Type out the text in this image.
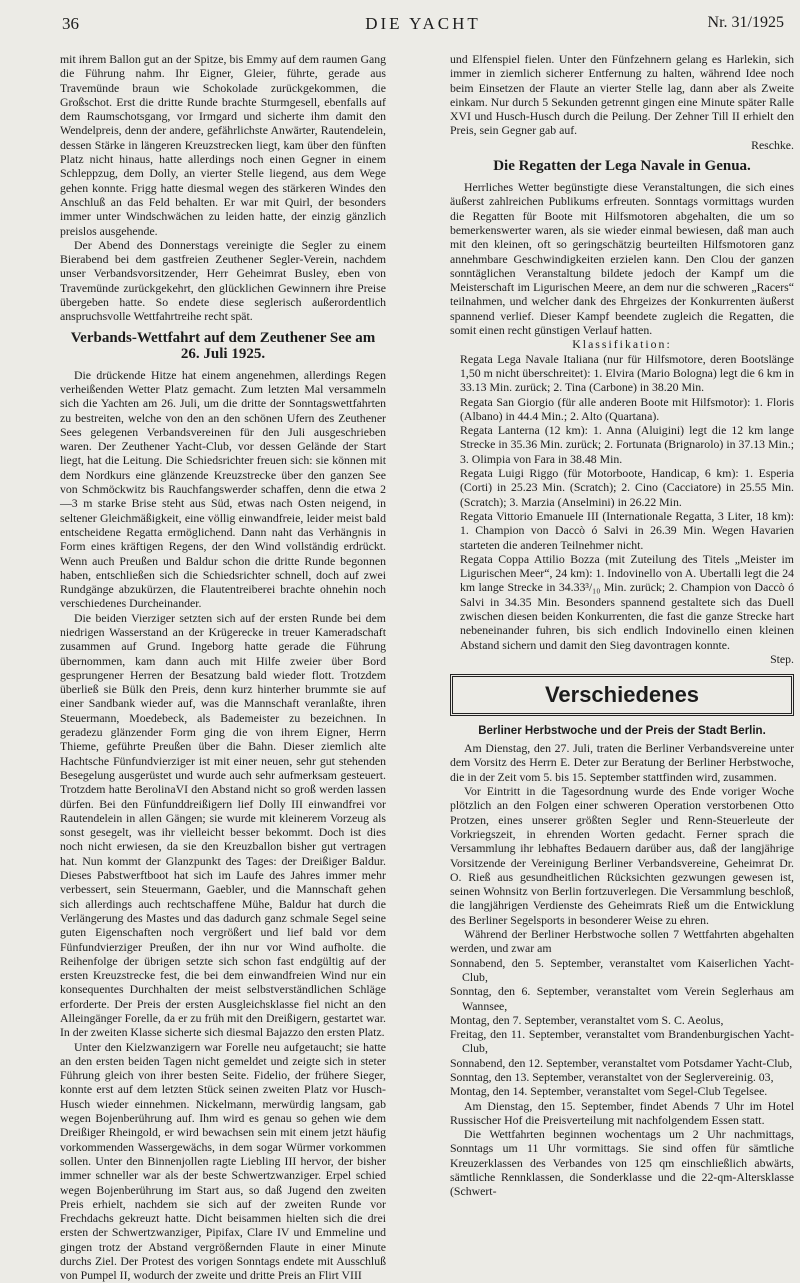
DIE YACHT
36	Nr. 31/1925

mit ihrem Ballon gut an der Spitze, bis Emmy auf dem raumen Gang die Führung nahm. Ihr Eigner, Gleier, führte, gerade aus Travemünde braun wie Schokolade zurückgekommen, die Großschot. Erst die dritte Runde brachte Sturmgesell, ebenfalls auf dem Raumschotsgang, vor Irmgard und sicherte ihm damit den Wendelpreis, denn der andere, gefährlichste Anwärter, Rautendelein, dessen Stärke in längeren Kreuzstrecken liegt, kam über den fünften Platz nicht hinaus, hatte allerdings noch einen Gegner in einem Schleppzug, dem Dolly, an vierter Stelle liegend, aus dem Wege gehen konnte. Frigg hatte diesmal wegen des stärkeren Windes den Anschluß an das Feld behalten. Er war mit Quirl, der besonders immer unter Windschwächen zu leiden hatte, der einzig gänzlich preislos ausgehende.

Der Abend des Donnerstags vereinigte die Segler zu einem Bierabend bei dem gastfreien Zeuthener Segler-Verein, nachdem unser Verbandsvorsitzender, Herr Geheimrat Busley, eben von Travemünde zurückgekehrt, den glücklichen Gewinnern ihre Preise übergeben hatte. So endete diese seglerisch außerordentlich anspruchsvolle Wettfahrtreihe recht spät.

Verbands-Wettfahrt auf dem Zeuthener See am 26. Juli 1925.

Die drückende Hitze hat einem angenehmen, allerdings Regen verheißenden Wetter Platz gemacht. Zum letzten Mal versammeln sich die Yachten am 26. Juli, um die dritte der Sonntagswettfahrten zu bestreiten, welche von den an den schönen Ufern des Zeuthener Sees gelegenen Verbandsvereinen für den Juli ausgeschrieben waren. Der Zeuthener Yacht-Club, vor dessen Gelände der Start liegt, hat die Leitung. Die Schiedsrichter freuen sich: sie können mit dem Nordkurs eine glänzende Kreuzstrecke über den ganzen See von Schmöckwitz bis Rauchfangswerder schaffen, denn die etwa 2—3 m starke Brise steht aus Süd, etwas nach Osten neigend, in seltener Gleichmäßigkeit, eine völlig einwandfreie, leider meist bald entscheidene Regatta ermöglichend. Dann naht das Verhängnis in Form eines kräftigen Regens, der den Wind vollständig erdrückt. Wenn auch Preußen und Baldur schon die dritte Runde begonnen haben, entschließen sich die Schiedsrichter schnell, doch auf zwei Rundgänge abzukürzen, die Flautentreiberei brachte ohnehin noch verschiedenes Durcheinander.

Die beiden Vierziger setzten sich auf der ersten Runde bei dem niedrigen Wasserstand an der Krügerecke in treuer Kameradschaft zusammen auf Grund. Ingeborg hatte gerade die Führung übernommen, kam dann auch mit Hilfe zweier über Bord gesprungener Herren der Besatzung bald wieder flott. Trotzdem überließ sie Bülk den Preis, denn kurz hinterher brummte sie auf einer Sandbank wieder auf, was die Mannschaft veranlaßte, ihren Steuermann, Moedebeck, als Bademeister zu bezeichnen. In geradezu glänzender Form ging die von ihrem Eigner, Herrn Thieme, geführte Preußen über die Bahn. Dieser ziemlich alte Hachtsche Fünfundvierziger ist mit einer neuen, sehr gut stehenden Besegelung ausgerüstet und wurde auch sehr aufmerksam gesteuert. Trotzdem hatte BerolinaVI den Abstand nicht so groß werden lassen dürfen. Bei den Fünfunddreißigern lief Dolly III einwandfrei vor Rautendelein in allen Gängen; sie wurde mit kleinerem Vorzeug als sonst gesegelt, was ihr vielleicht besser bekommt. Doch ist dies noch nicht erwiesen, da sie den Kreuzballon bisher gut vertragen hat. Nun kommt der Glanzpunkt des Tages: der Dreißiger Baldur. Dieses Pabstwerftboot hat sich im Laufe des Jahres immer mehr verbessert, sein Steuermann, Gaebler, und die Mannschaft gehen sich allerdings auch rechtschaffene Mühe, Baldur hat durch die Verlängerung des Mastes und das dadurch ganz schmale Segel seine guten Eigenschaften noch vergrößert und lief bald vor dem Fünfundvierziger Preußen, der ihn nur vor Wind aufholte. die Reihenfolge der übrigen setzte sich schon fast endgültig auf der ersten Kreuzstrecke fest, die bei dem einwandfreien Wind nur ein konsequentes Durchhalten der meist selbstverständlichen Schläge erforderte. Der Preis der ersten Ausgleichsklasse fiel nicht an den Alleingänger Forelle, da er zu früh mit den Dreißigern, gestartet war. In der zweiten Klasse sicherte sich diesmal Bajazzo den ersten Platz.

Unter den Kielzwanzigern war Forelle neu aufgetaucht; sie hatte an den ersten beiden Tagen nicht gemeldet und zeigte sich in steter Führung gleich von ihrer besten Seite. Fidelio, der frühere Sieger, konnte erst auf dem letzten Stück seinen zweiten Platz vor Husch-Husch wieder einnehmen. Nickelmann, merwürdig langsam, gab wegen Bojenberührung auf. Ihm wird es genau so gehen wie dem Dreißiger Rheingold, er wird bewachsen sein mit einem jetzt häufig vorkommenden Wassergewächs, in dem sogar Würmer vorkommen sollen. Unter den Binnenjollen ragte Liebling III hervor, der bisher immer schneller war als der beste Schwertzwanziger. Erpel schied wegen Bojenberührung im Start aus, so daß Jugend den zweiten Preis erhielt, nachdem sie sich auf der zweiten Runde vor Frechdachs gekreuzt hatte. Dicht beisammen hielten sich die drei ersten der Schwertzwanziger, Pipifax, Clare IV und Emmeline und gingen trotz der Abstand vergrößernden Flaute in einer Minute durchs Ziel. Der Protest des vorigen Sonntags endete mit Ausschluß von Pumpel II, wodurch der zweite und dritte Preis an Flirt VIII

und Elfenspiel fielen. Unter den Fünfzehnern gelang es Harlekin, sich immer in ziemlich sicherer Entfernung zu halten, während Idee noch beim Einsetzen der Flaute an vierter Stelle lag, dann aber als Zweite einkam. Nur durch 5 Sekunden getrennt gingen eine Minute später Ralle XVI und Husch-Husch durch die Peilung. Der Zehner Till II erhielt den Preis, sein Gegner gab auf.

Reschke.

Die Regatten der Lega Navale in Genua.

Herrliches Wetter begünstigte diese Veranstaltungen, die sich eines äußerst zahlreichen Publikums erfreuten. Sonntags vormittags wurden die Regatten für Boote mit Hilfsmotoren abgehalten, die um so bemerkenswerter waren, als sie wieder einmal bewiesen, daß man auch mit den kleinen, oft so geringschätzig beurteilten Hilfsmotoren ganz annehmbare Geschwindigkeiten erzielen kann. Den Clou der ganzen sonntäglichen Veranstaltung bildete jedoch der Kampf um die Meisterschaft im Ligurischen Meere, an dem nur die schweren „Racers“ teilnahmen, und welcher dank des Ehrgeizes der Konkurrenten äußerst spannend verlief. Dieser Kampf beendete zugleich die Regatten, die somit einen recht günstigen Verlauf hatten.

Klassifikation:

Regata Lega Navale Italiana (nur für Hilfsmotore, deren Bootslänge 1,50 m nicht überschreitet): 1. Elvira (Mario Bologna) legt die 6 km in 33.13 Min. zurück; 2. Tina (Carbone) in 38.20 Min.

Regata San Giorgio (für alle anderen Boote mit Hilfsmotor): 1. Floris (Albano) in 44.4 Min.; 2. Alto (Quartana).

Regata Lanterna (12 km): 1. Anna (Aluigini) legt die 12 km lange Strecke in 35.36 Min. zurück; 2. Fortunata (Brignarolo) in 37.13 Min.; 3. Olimpia von Fara in 38.48 Min.

Regata Luigi Riggo (für Motorboote, Handicap, 6 km): 1. Esperia (Corti) in 25.23 Min. (Scratch); 2. Cino (Cacciatore) in 25.55 Min. (Scratch); 3. Marzia (Anselmini) in 26.22 Min.

Regata Vittorio Emanuele III (Internationale Regatta, 3 Liter, 18 km): 1. Champion von Daccò ó Salvi in 26.39 Min. Wegen Havarien starteten die anderen Teilnehmer nicht.

Regata Coppa Attilio Bozza (mit Zuteilung des Titels „Meister im Ligurischen Meer“, 24 km): 1. Indovinello von A. Ubertalli legt die 24 km lange Strecke in 34.33³/₁₀ Min. zurück; 2. Champion von Daccò ó Salvi in 34.35 Min. Besonders spannend gestaltete sich das Duell zwischen diesen beiden Konkurrenten, die fast die ganze Strecke hart nebeneinander fuhren, bis sich endlich Indovinello einen kleinen Abstand sichern und damit den Sieg davontragen konnte.

Step.

Verschiedenes
Berliner Herbstwoche und der Preis der Stadt Berlin.

Am Dienstag, den 27. Juli, traten die Berliner Verbandsvereine unter dem Vorsitz des Herrn E. Deter zur Beratung der Berliner Herbstwoche, die in der Zeit vom 5. bis 15. September stattfinden wird, zusammen.

Vor Eintritt in die Tagesordnung wurde des Ende voriger Woche plötzlich an den Folgen einer schweren Operation verstorbenen Otto Protzen, eines unserer größten Segler und Renn-Steuerleute der Vorkriegszeit, in ehrenden Worten gedacht. Ferner sprach die Versammlung ihr lebhaftes Bedauern darüber aus, daß der langjährige Vorsitzende der Vereinigung Berliner Verbandsvereine, Geheimrat Dr. O. Rieß aus gesundheitlichen Rücksichten gezwungen gewesen ist, seinen Wohnsitz von Berlin fortzuverlegen. Die Versammlung beschloß, die langjährigen Verdienste des Geheimrats Rieß um die Entwicklung des Berliner Segelsports in besonderer Weise zu ehren.

Während der Berliner Herbstwoche sollen 7 Wettfahrten abgehalten werden, und zwar am

Sonnabend, den 5. September, veranstaltet vom Kaiserlichen Yacht-Club,

Sonntag, den 6. September, veranstaltet vom Verein Seglerhaus am Wannsee,

Montag, den 7. September, veranstaltet vom S. C. Aeolus,

Freitag, den 11. September, veranstaltet vom Brandenburgischen Yacht-Club,

Sonnabend, den 12. September, veranstaltet vom Potsdamer Yacht-Club,

Sonntag, den 13. September, veranstaltet von der Seglervereinig. 03,

Montag, den 14. September, veranstaltet vom Segel-Club Tegelsee.

Am Dienstag, den 15. September, findet Abends 7 Uhr im Hotel Russischer Hof die Preisverteilung mit nachfolgendem Essen statt.

Die Wettfahrten beginnen wochentags um 2 Uhr nachmittags, Sonntags um 11 Uhr vormittags. Sie sind offen für sämtliche Kreuzerklassen des Verbandes von 125 qm einschließlich abwärts, sämtliche Rennklassen, die Sonderklasse und die 22-qm-Altersklasse (Schwert-
